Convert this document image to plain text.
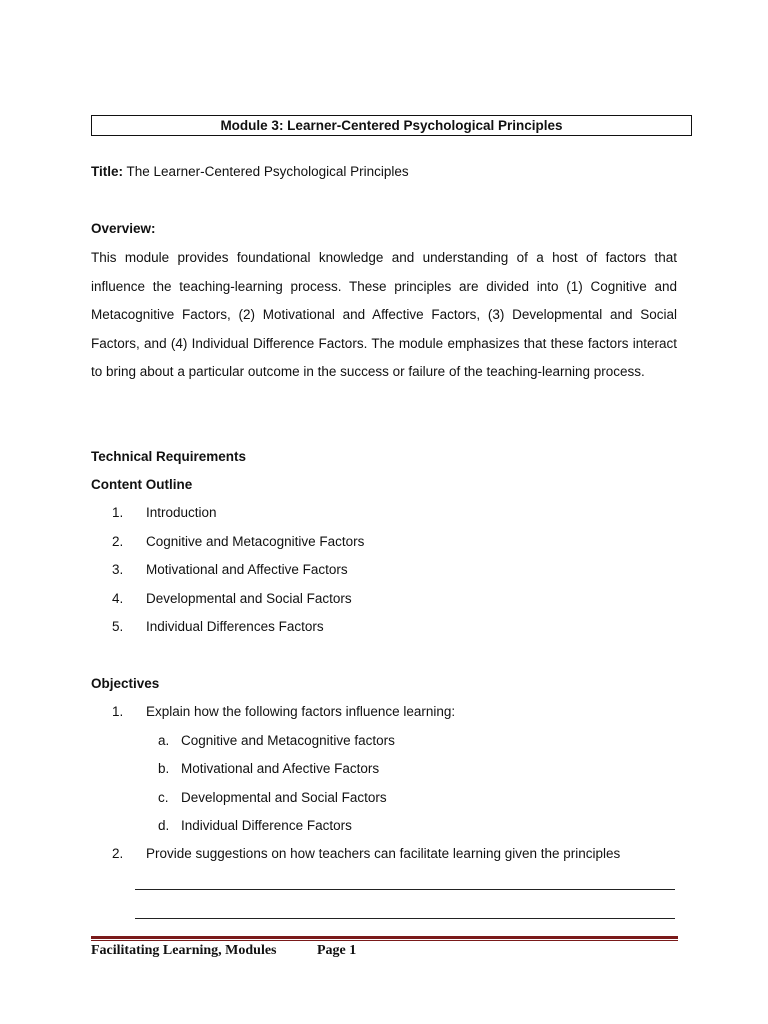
Module 3: Learner-Centered Psychological Principles
Title: The Learner-Centered Psychological Principles
Overview:

This module provides foundational knowledge and understanding of a host of factors that influence the teaching-learning process. These principles are divided into (1) Cognitive and Metacognitive Factors, (2) Motivational and Affective Factors, (3) Developmental and Social Factors, and (4) Individual Difference Factors. The module emphasizes that these factors interact to bring about a particular outcome in the success or failure of the teaching-learning process.

Technical Requirements
Content Outline
1.	Introduction
2.	Cognitive and Metacognitive Factors
3.	Motivational and Affective Factors
4.	Developmental and Social Factors
5.	Individual Differences Factors
Objectives
1.	Explain how the following factors influence learning:
a. Cognitive and Metacognitive factors
b. Motivational and Afective Factors
c. Developmental and Social Factors
d. Individual Difference Factors
2.	Provide suggestions on how teachers can facilitate learning given the principles
Facilitating Learning, Modules	Page 1
